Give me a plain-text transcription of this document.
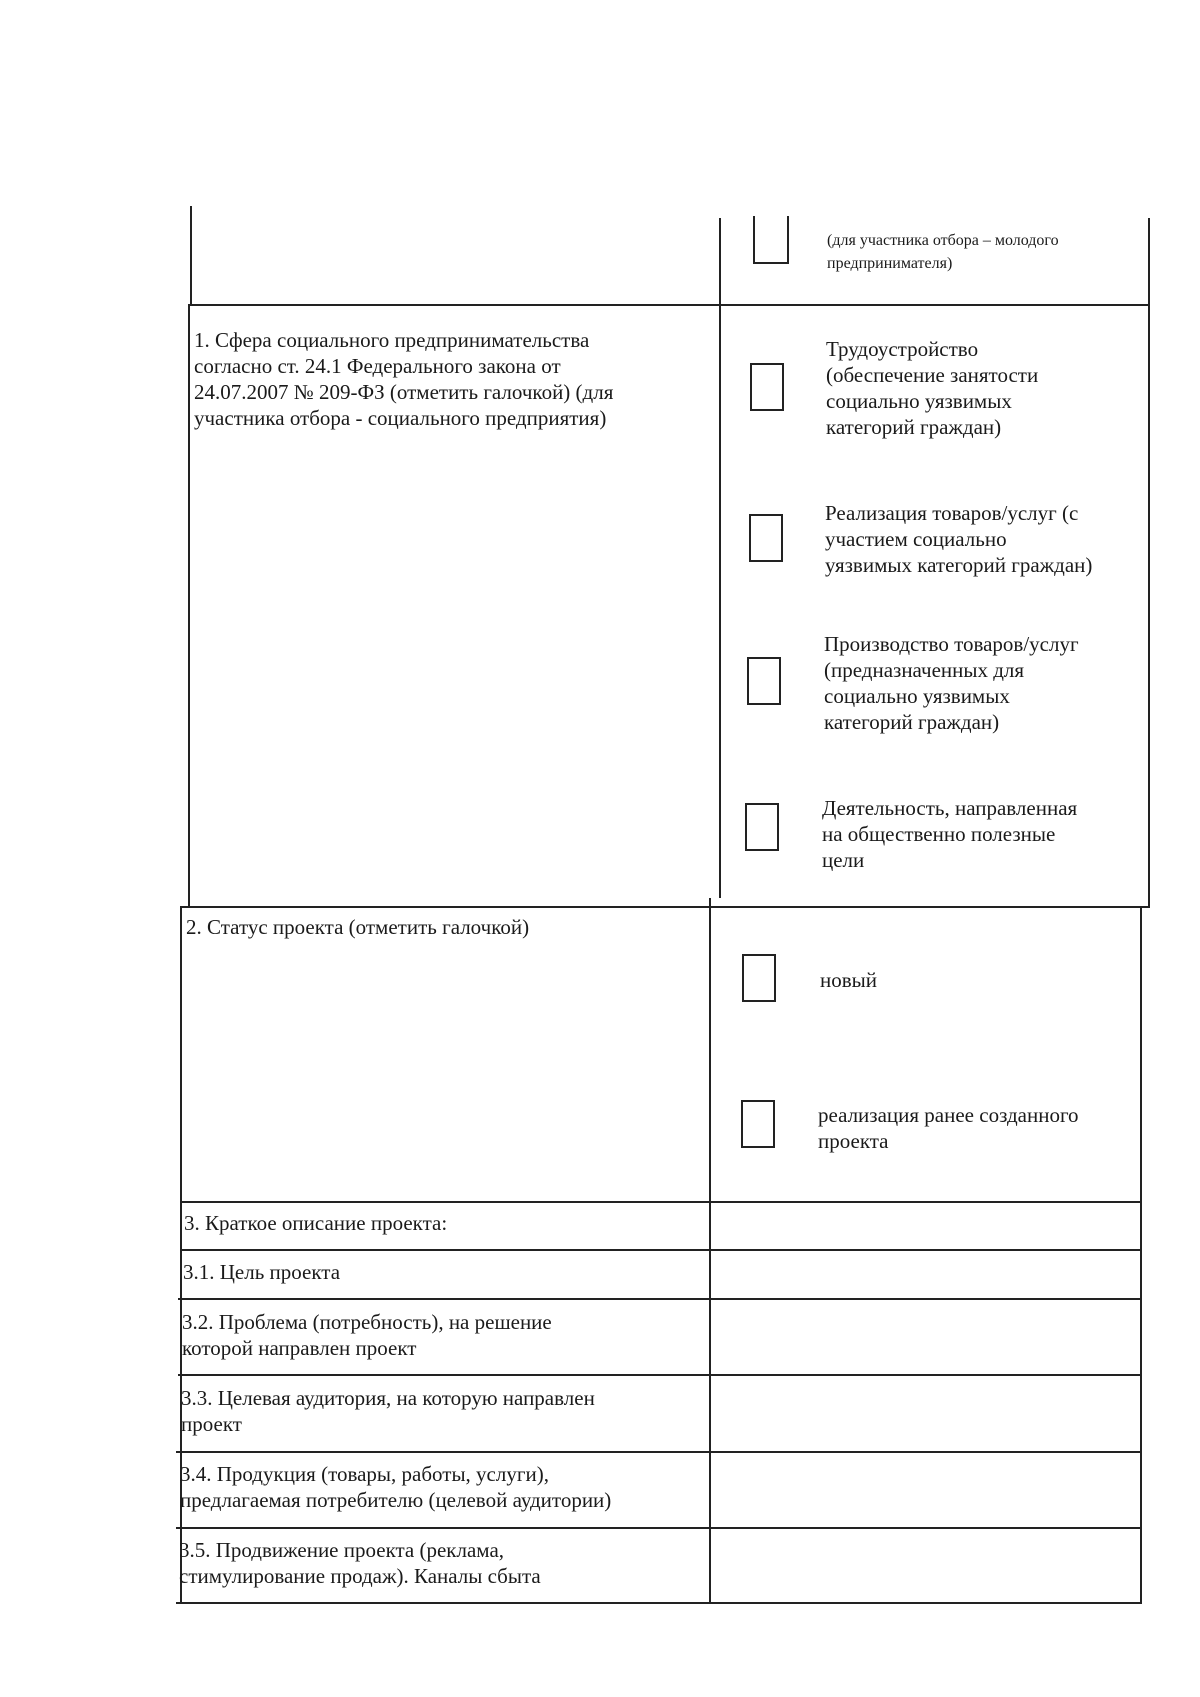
(для участника отбора – молодого
предпринимателя)
1. Сфера социального предпринимательства
согласно ст. 24.1 Федерального закона от
24.07.2007 № 209-ФЗ (отметить галочкой) (для
участника отбора - социального предприятия)
Трудоустройство
(обеспечение занятости
социально уязвимых
категорий граждан)
Реализация товаров/услуг (с
участием социально
уязвимых категорий граждан)
Производство товаров/услуг
(предназначенных для
социально уязвимых
категорий граждан)
Деятельность, направленная
на общественно полезные
цели
2. Статус проекта (отметить галочкой)
новый
реализация ранее созданного
проекта
3. Краткое описание проекта:
3.1. Цель проекта
3.2. Проблема (потребность), на решение
которой направлен проект
3.3. Целевая аудитория, на которую направлен
проект
3.4. Продукция (товары, работы, услуги),
предлагаемая потребителю (целевой аудитории)
3.5. Продвижение проекта (реклама,
стимулирование продаж). Каналы сбыта
